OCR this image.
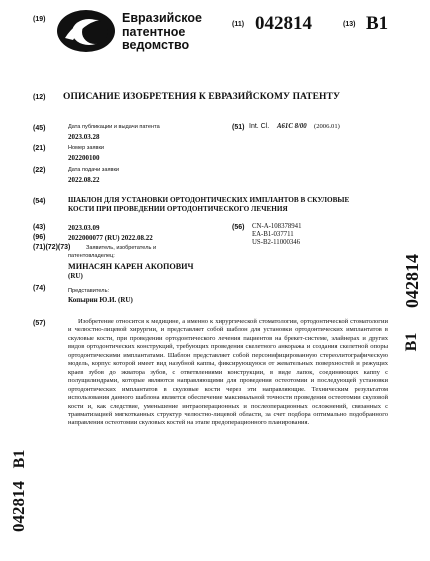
(19)	Евразийское
патентное
ведомство
(11) 042814	(13) B1
(12) ОПИСАНИЕ ИЗОБРЕТЕНИЯ К ЕВРАЗИЙСКОМУ ПАТЕНТУ
(45)	Дата публикации и выдачи патента
2023.03.28
(21)	Номер заявки
202200100
(22)	Дата подачи заявки
2022.08.22
(51) Int. Cl. A61C 8/00 (2006.01)
(54)	ШАБЛОН ДЛЯ УСТАНОВКИ ОРТОДОНТИЧЕСКИХ ИМПЛАНТОВ В СКУЛОВЫЕ
КОСТИ ПРИ ПРОВЕДЕНИИ ОРТОДОНТИЧЕСКОГО ЛЕЧЕНИЯ
(43)	2023.03.09
(96)	2022000077 (RU) 2022.08.22
(71)(72)(73)	Заявитель, изобретатель и
патентовладелец:
МИНАСЯН КАРЕН АКОПОВИЧ
(RU)
(74)	Представитель:
Копырин Ю.И. (RU)
(56) CN-A-108378941
EA-B1-037711
US-B2-11000346
(57)	Изобретение относится к медицине, а именно к хирургической стоматологии, ортодонтической стоматологии и челюстно-лицевой хирургии, и представляет собой шаблон для установки ортодонтических имплантатов в скуловые кости, при проведении ортодонтического лечения пациентов на брекет-системе, элайнерах и других видов ортодонтических конструкций, требующих проведения скелетного анкоража и создания скелетной опоры ортодонтическими имплантатами. Шаблон представляет собой персонифицированную стереолитографическую модель, корпус которой имеет вид назубной каппы, фиксирующуюся от жевательных поверхностей и режущих краев зубов до экватора зубов, с ответвлениями конструкции, в виде лапок, соединяющих каппу с полущилиндрами, которые являются направляющими для проведения остеотомии и последующей установки ортодонтических имплантатов в скуловые кости через эти направляющие. Техническим результатом использования данного шаблона является обеспечение максимальной точности проведения остеотомии скуловой кости и, как следствие, уменьшение интраоперационных и послеоперационных осложнений, связанных с травматизацией мягкотканных структур челюстно-лицевой области, за счет подбора оптимально подобранного направления остеотомии скуловых костей на этапе предоперационного планирования.
042814
B1
B1
042814
